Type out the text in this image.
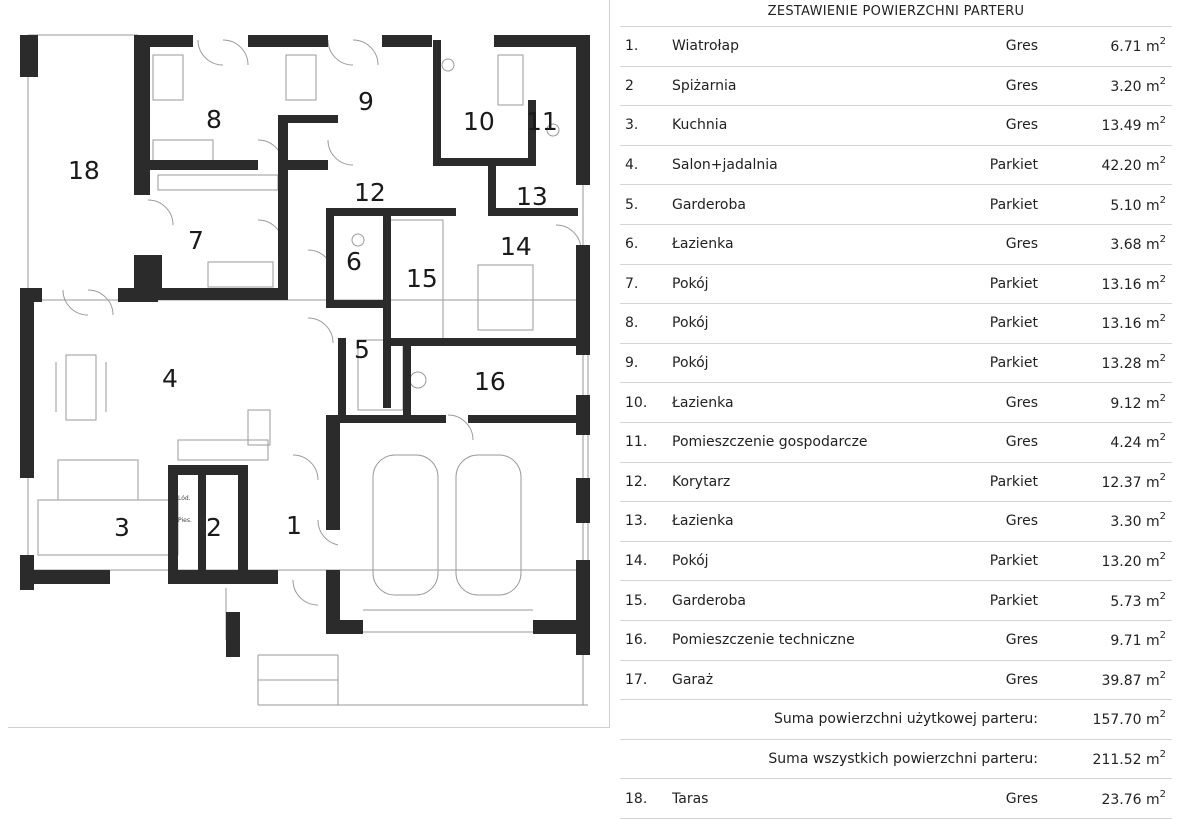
Lód.
Pies.	1
2
3
4
5
6
7
8
9
10 11
12	13
14
15
16
18
ZESTAWIENIE POWIERZCHNI PARTERU
1. Wiatrołap	Gres	6.71 $m^2$
2	Spiżarnia	Gres	3.20 $m^2$
3. Kuchnia	Gres	13.49 $m^2$
4. Salon+jadalnia	Parkiet	42.20 $m^2$
5. Garderoba	Parkiet	5.10 $m^2$
6. Łazienka	Gres	3.68 $m^2$
7. Pokój	Parkiet	13.16 $m^2$
8. Pokój	Parkiet	13.16 $m^2$
9. Pokój	Parkiet	13.28 $m^2$
10. Łazienka	Gres	9.12 $m^2$
11. Pomieszczenie gospodarcze	Gres	4.24 $m^2$
12. Korytarz	Parkiet	12.37 $m^2$
13. Łazienka	Gres	3.30 $m^2$
14. Pokój	Parkiet	13.20 $m^2$
15. Garderoba	Parkiet	5.73 $m^2$
16. Pomieszczenie techniczne	Gres	9.71 $m^2$
17. Garaż	Gres	39.87 $m^2$
Suma powierzchni użytkowej parteru:	157.70 $m^2$
Suma wszystkich powierzchni parteru:	211.52 $m^2$
18. Taras	Gres	23.76 $m^2$
